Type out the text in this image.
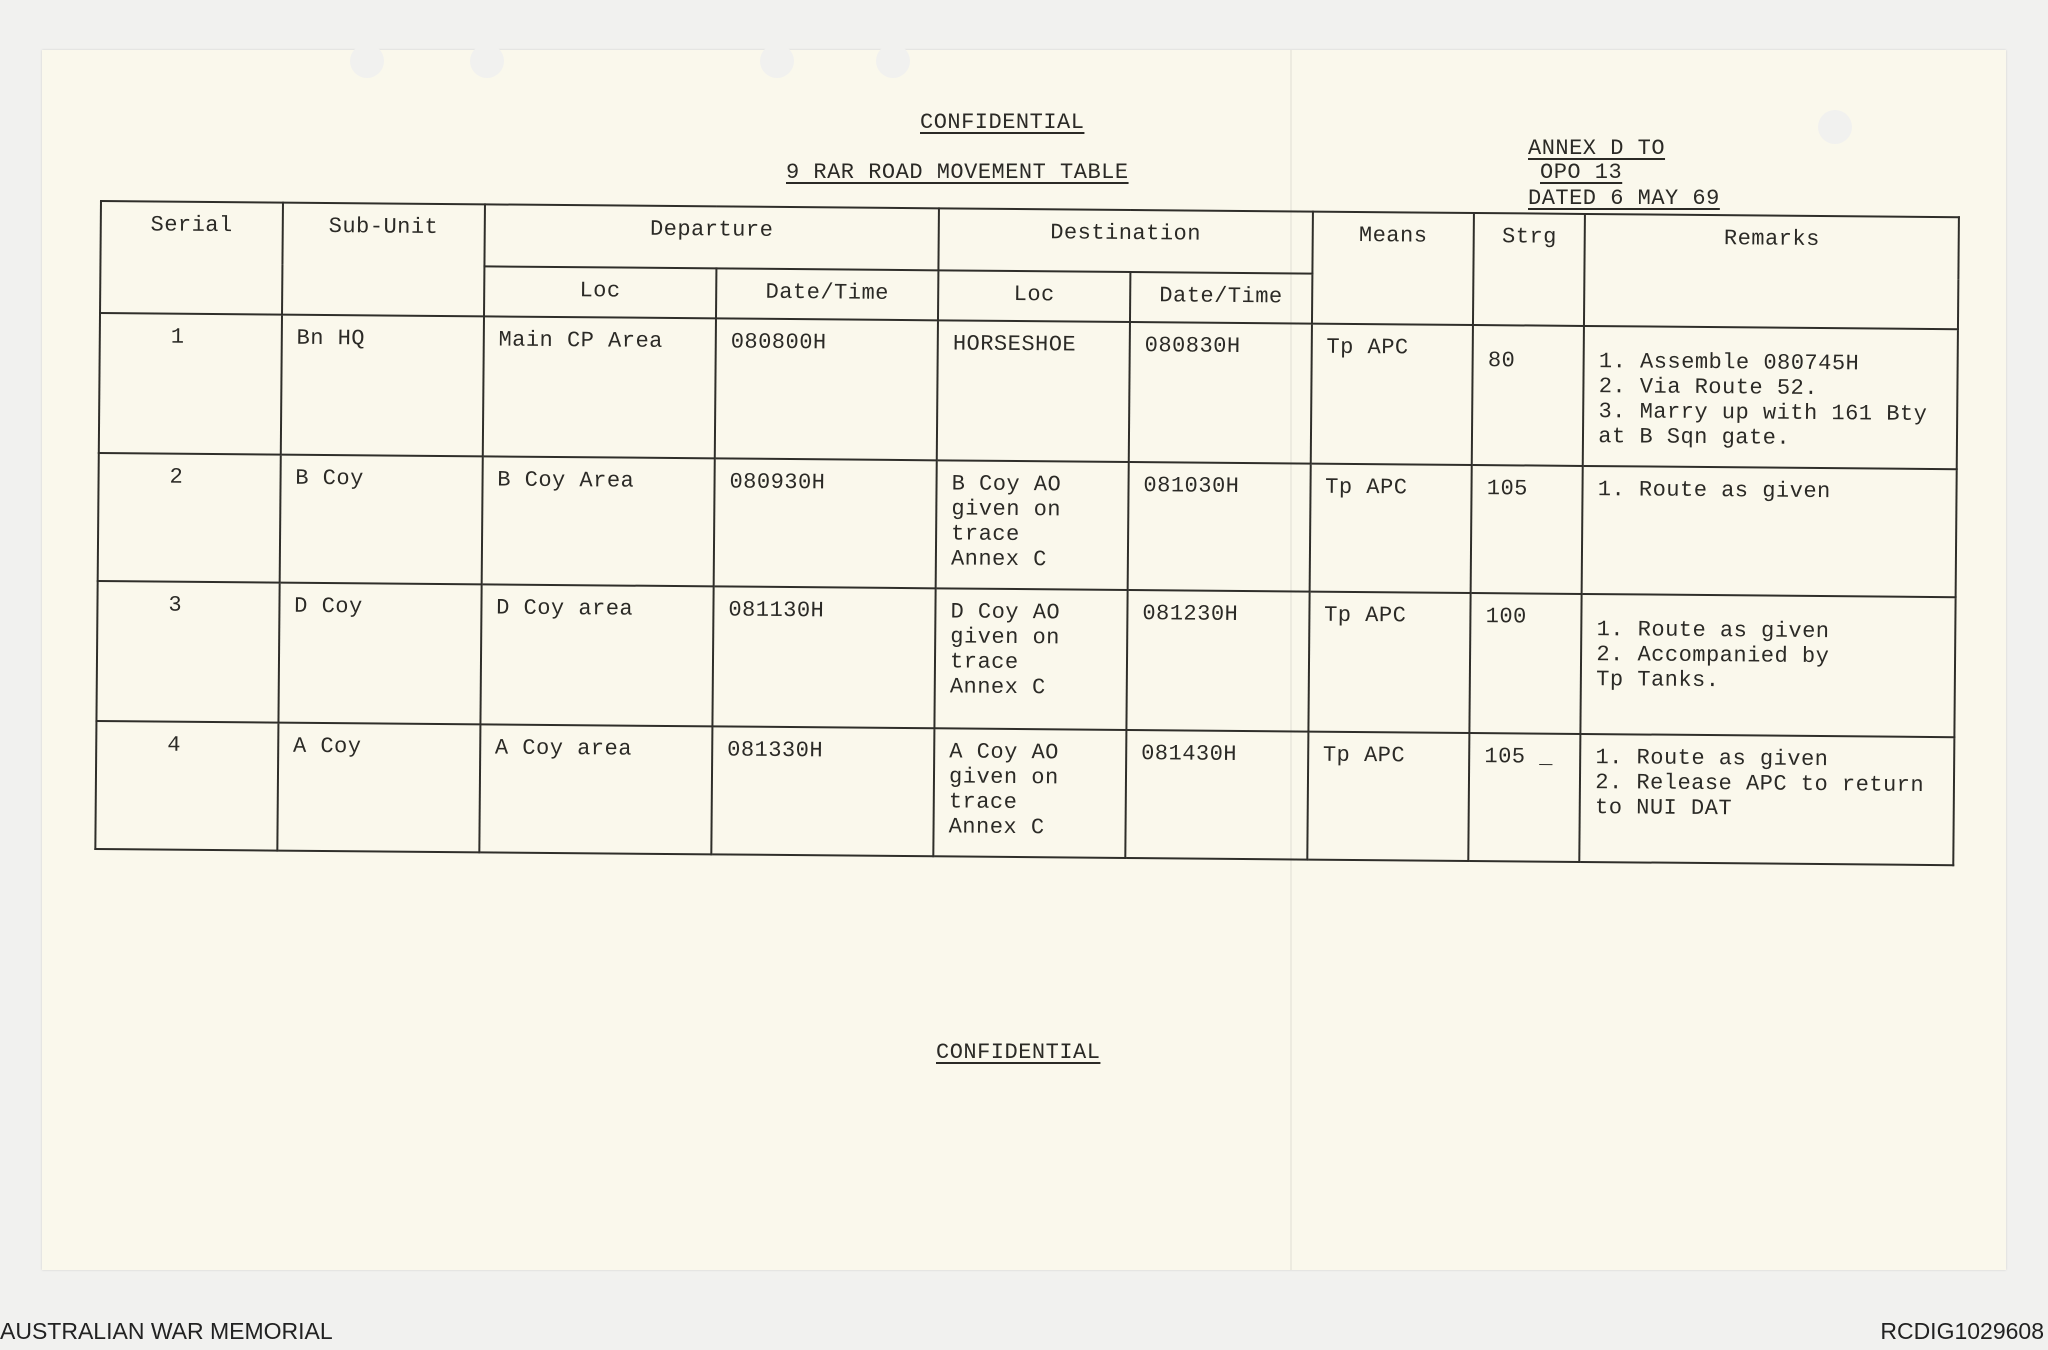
CONFIDENTIAL
9 RAR ROAD MOVEMENT TABLE
ANNEX D TO
OPO 13
DATED 6 MAY 69
Serial	Sub-Unit	Departure		Destination		Means	Strg	Remarks
		Loc	Date/Time	Loc	Date/Time			
1	Bn HQ	Main CP Area	080800H	HORSESHOE	080830H	Tp APC	80	1. Assemble 080745H
2. Via Route 52.
3. Marry up with 161 Bty
at B Sqn gate.
2	B Coy	B Coy Area	080930H	B Coy AO
given on
trace
Annex C	081030H	Tp APC	105	1. Route as given
3	D Coy	D Coy area	081130H	D Coy AO
given on
trace
Annex C	081230H	Tp APC	100	1. Route as given
2. Accompanied by
Tp Tanks.
4	A Coy	A Coy area	081330H	A Coy AO
given on
trace
Annex C	081430H	Tp APC	105 _	1. Route as given
2. Release APC to return
to NUI DAT
CONFIDENTIAL
AUSTRALIAN WAR MEMORIAL	RCDIG1029608
